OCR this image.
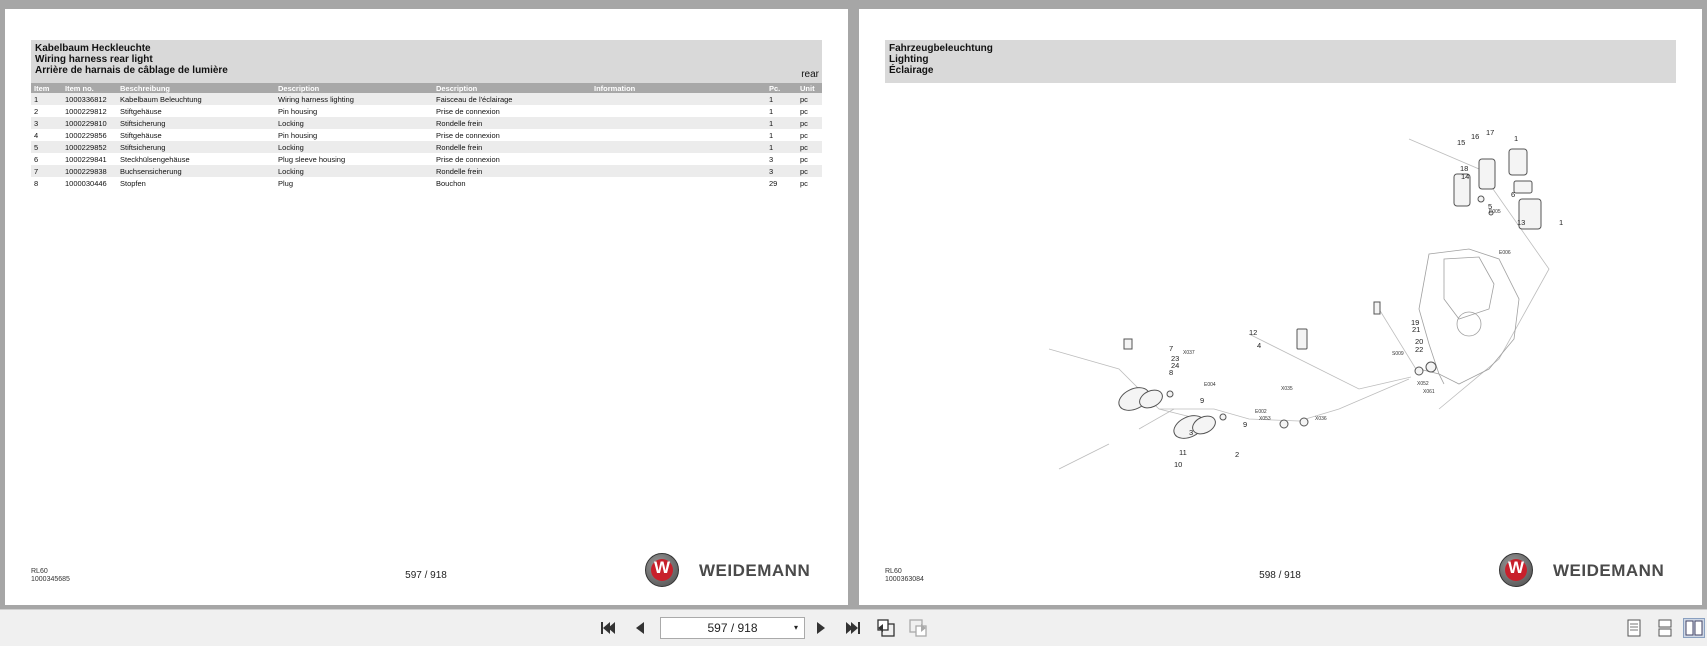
Kabelbaum Heckleuchte
Wiring harness rear light
Arrière de harnais de câblage de lumière	rear
Item	Item no.	Beschreibung	Description	Description	Information	Pc.	Unit
1	1000336812	Kabelbaum Beleuchtung	Wiring harness lighting	Faisceau de l'éclairage		1	pc
2	1000229812	Stiftgehäuse	Pin housing	Prise de connexion		1	pc
3	1000229810	Stiftsicherung	Locking	Rondelle frein		1	pc
4	1000229856	Stiftgehäuse	Pin housing	Prise de connexion		1	pc
5	1000229852	Stiftsicherung	Locking	Rondelle frein		1	pc
6	1000229841	Steckhülsengehäuse	Plug sleeve housing	Prise de connexion		3	pc
7	1000229838	Buchsensicherung	Locking	Rondelle frein		3	pc
8	1000030446	Stopfen	Plug	Bouchon		29	pc
RL60
1000345685	597 / 918	W	WEIDEMANN
Fahrzeugbeleuchtung
Lighting
Éclairage
1
1
2
3
4
5
6
7
8
9
9
10
11
12
13
14
15
16 17
18
19
20
21
22
23
24
X037
X035
X053	X036
X052
X061
E004
E002
E006
E005
S009
RL60
1000363084	598 / 918	W	WEIDEMANN
597 / 918	▾
